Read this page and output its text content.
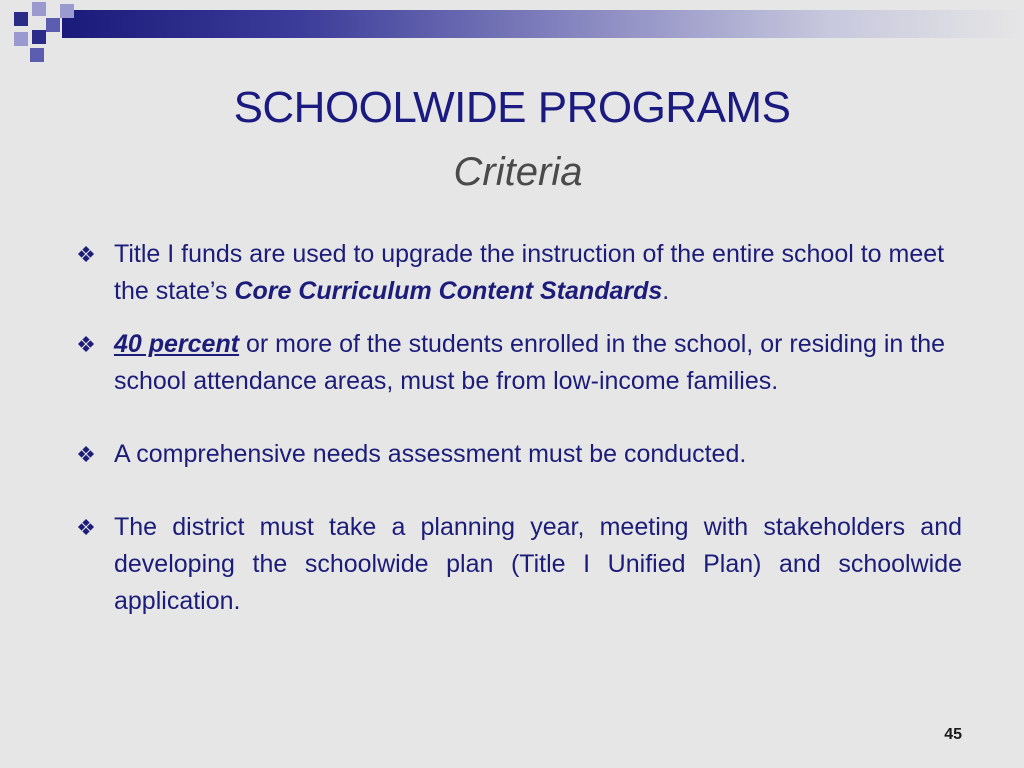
SCHOOLWIDE PROGRAMS
Criteria
❖ Title I funds are used to upgrade the instruction of the entire school to meet the state’s Core Curriculum Content Standards.
❖ 40 percent or more of the students enrolled in the school, or residing in the school attendance areas, must be from low-income families.
❖ A comprehensive needs assessment must be conducted.
❖ The district must take a planning year, meeting with stakeholders and developing the schoolwide plan (Title I Unified Plan) and schoolwide application.
45
